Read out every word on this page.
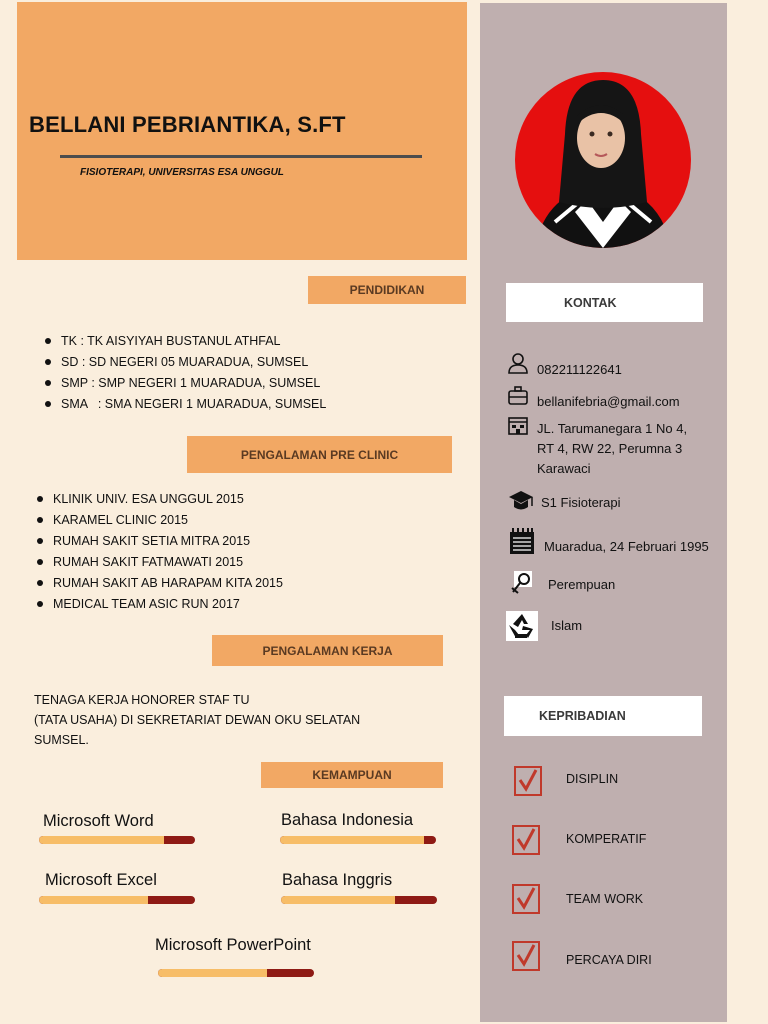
BELLANI PEBRIANTIKA, S.FT
FISIOTERAPI, UNIVERSITAS ESA UNGGUL
PENDIDIKAN
TK : TK AISYIYAH BUSTANUL ATHFAL
SD : SD NEGERI 05 MUARADUA, SUMSEL
SMP : SMP NEGERI 1 MUARADUA, SUMSEL
SMA   : SMA NEGERI 1 MUARADUA, SUMSEL
PENGALAMAN PRE CLINIC
KLINIK UNIV. ESA UNGGUL 2015
KARAMEL CLINIC 2015
RUMAH SAKIT SETIA MITRA 2015
RUMAH SAKIT FATMAWATI 2015
RUMAH SAKIT AB HARAPAM KITA 2015
MEDICAL TEAM ASIC RUN 2017
PENGALAMAN KERJA
TENAGA KERJA HONORER STAF TU
(TATA USAHA) DI SEKRETARIAT DEWAN OKU SELATAN
SUMSEL.
KEMAMPUAN
Microsoft Word	Bahasa Indonesia
Microsoft Excel	Bahasa Inggris
Microsoft PowerPoint
KONTAK
082211122641
bellanifebria@gmail.com
JL. Tarumanegara 1 No 4,
RT 4, RW 22, Perumna 3
Karawaci
S1 Fisioterapi
Muaradua, 24 Februari 1995
Perempuan
Islam
KEPRIBADIAN
DISIPLIN
KOMPERATIF
TEAM WORK
PERCAYA DIRI
